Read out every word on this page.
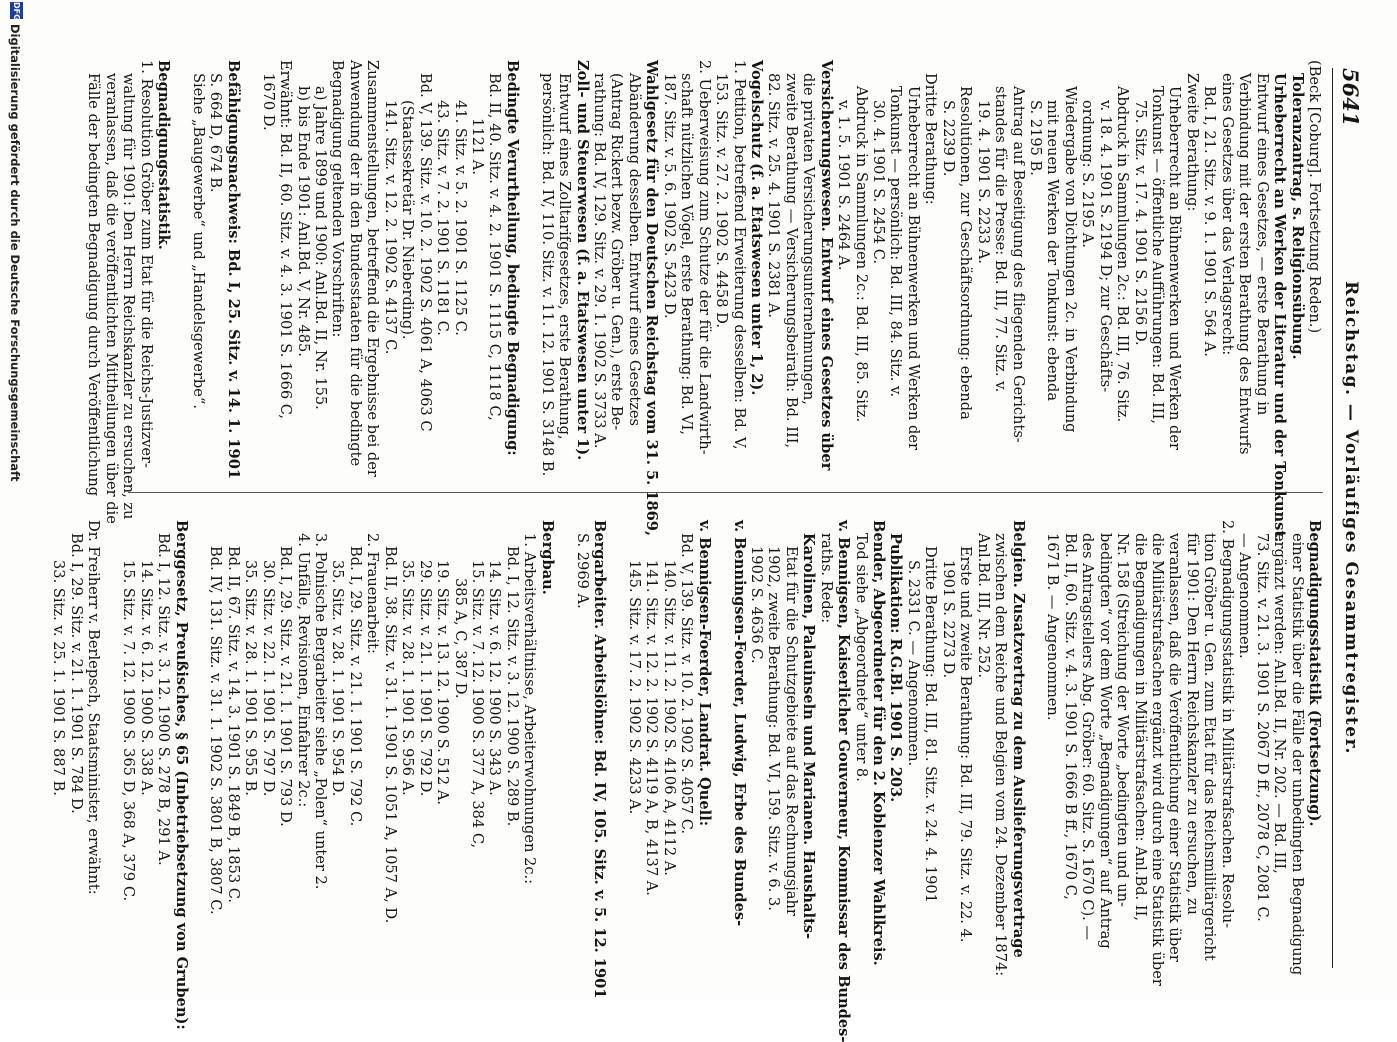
5641
Reichstag. — Vorläufiges Gesammtregister.
(Beck [Coburg]. Fortsetzung Reden.)
Toleranzantrag, s. Religionsübung.
Urheberrecht an Werken der Literatur und der Tonkunst.
Entwurf eines Gesetzes, — erste Berathung in
Verbindung mit der ersten Berathung des Entwurfs
eines Gesetzes über das Verlagsrecht:
Bd. I, 21. Sitz. v. 9. 1. 1901 S. 564 A.
Zweite Berathung:
Urheberrecht an Bühnenwerken und Werken der
Tonkunst — öffentliche Aufführungen: Bd. III,
75. Sitz. v. 17. 4. 1901 S. 2156 D.
Abdruck in Sammlungen 2c.: Bd. III, 76. Sitz.
v. 18. 4. 1901 S. 2194 D; zur Geschäfts-
ordnung: S. 2195 A.
Wiedergabe von Dichtungen 2c. in Verbindung
mit neuen Werken der Tonkunst: ebenda
S. 2195 B.
Antrag auf Beseitigung des fliegenden Gerichts-
standes für die Presse: Bd. III, 77. Sitz. v.
19. 4. 1901 S. 2233 A.
Resolutionen, zur Geschäftsordnung: ebenda
S. 2239 D.
Dritte Berathung:
Urheberrecht an Bühnenwerken und Werken der
Tonkunst — persönlich: Bd. III, 84. Sitz. v.
30. 4. 1901 S. 2454 C.
Abdruck in Sammlungen 2c.: Bd. III, 85. Sitz.
v. 1. 5. 1901 S. 2464 A.
Versicherungswesen. Entwurf eines Gesetzes über
die privaten Versicherungsunternehmungen,
zweite Berathung — Versicherungsbeirath: Bd. III,
82. Sitz. v. 25. 4. 1901 S. 2381 A.
Vogelschutz (f. a. Etatswesen unter 1, 2).
1. Petition, betreffend Erweiterung desselben: Bd. V,
153. Sitz. v. 27. 2. 1902 S. 4458 D.
2. Ueberweisung zum Schutze der für die Landwirth-
schaft nützlichen Vögel, erste Berathung: Bd. VI,
187. Sitz. v. 5. 6. 1902 S. 5423 D.
Wahlgesetz für den Deutschen Reichstag vom 31. 5. 1869,
Abänderung desselben. Entwurf eines Gesetzes
(Antrag Rickert bezw. Gröber u. Gen.), erste Be-
rathung: Bd. IV, 129. Sitz. v. 29. 1. 1902 S. 3733 A.
Zoll- und Steuerwesen (f. a. Etatswesen unter 1).
Entwurf eines Zolltarifgesetzes, erste Berathung,
persönlich: Bd. IV, 110. Sitz. v. 11. 12. 1901 S. 3148 B.
Bedingte Verurtheilung, bedingte Begnadigung:
Bd. II, 40. Sitz. v. 4. 2. 1901 S. 1115 C, 1118 C,
1121 A.
41. Sitz. v. 5. 2. 1901 S. 1125 C.
43. Sitz. v. 7. 2. 1901 S. 1181 C.
Bd. V, 139. Sitz. v. 10. 2. 1902 S. 4061 A, 4063 C
(Staatssekretär Dr. Nieberding).
141. Sitz. v. 12. 2. 1902 S. 4137 C.
Zusammenstellungen, betreffend die Ergebnisse bei der
Anwendung der in den Bundesstaaten für die bedingte
Begnadigung geltenden Vorschriften:
a) Jahre 1899 und 1900: Anl.Bd. II, Nr. 155.
b) bis Ende 1901: Anl.Bd. V, Nr. 485.
Erwähnt: Bd. II, 60. Sitz. v. 4. 3. 1901 S. 1666 C,
1670 D.
Befähigungsnachweis: Bd. I, 25. Sitz. v. 14. 1. 1901
S. 664 D, 674 B.
Siehe „Baugewerbe“ und „Handelsgewerbe“.
Begnadigungsstatistik.
1. Resolution Gröber zum Etat für die Reichs-Justizver-
waltung für 1901: Den Herrn Reichskanzler zu ersuchen, zu
veranlassen, daß die veröffentlichten Mittheilungen über die
Fälle der bedingten Begnadigung durch Veröffentlichung
Begnadigungsstatistik (Fortsetzung).
einer Statistik über die Fälle der unbedingten Begnadigung
ergänzt werden: Anl.Bd. II, Nr. 202. — Bd. III,
73. Sitz. v. 21. 3. 1901 S. 2067 D ff., 2078 C, 2081 C.
— Angenommen.
2. Begnadigungsstatistik in Militärstrafsachen. Resolu-
tion Gröber u. Gen. zum Etat für das Reichsmilitärgericht
für 1901: Den Herrn Reichskanzler zu ersuchen, zu
veranlassen, daß die Veröffentlichung einer Statistik über
die Militärstrafsachen ergänzt wird durch eine Statistik über
die Begnadigungen in Militärstrafsachen: Anl.Bd. II,
Nr. 158 (Streichung der Worte „bedingten und un-
bedingten“ vor dem Worte „Begnadigungen“ auf Antrag
des Antragstellers Abg. Gröber: 60. Sitz. S. 1670 C). —
Bd. II, 60. Sitz. v. 4. 3. 1901 S. 1666 B ff., 1670 C,
1671 B. — Angenommen.
Belgien. Zusatzvertrag zu dem Auslieferungsvertrage
zwischen dem Reiche und Belgien vom 24. Dezember 1874:
Anl.Bd. III, Nr. 252.
Erste und zweite Berathung: Bd. III, 79. Sitz. v. 22. 4.
1901 S. 2273 D.
Dritte Berathung: Bd. III, 81. Sitz. v. 24. 4. 1901
S. 2331 C. — Angenommen.
Publikation: R.G.Bl. 1901 S. 203.
Bender, Abgeordneter für den 2. Koblenzer Wahlkreis.
Tod siehe „Abgeordnete“ unter 8.
v. Bennigsen, Kaiserlicher Gouverneur, Kommissar des Bundes-
raths. Rede:
Karolinen, Palauinseln und Marianen. Haushalts-
Etat für die Schutzgebiete auf das Rechnungsjahr
1902, zweite Berathung: Bd. VI, 159. Sitz. v. 6. 3.
1902 S. 4636 C.
v. Benningsen-Foerder, Ludwig, Erbe des Bundes-
v. Bennigsen-Foerder, Landrat. Quell:
Bd. V, 139. Sitz. v. 10. 2. 1902 S. 4057 C.
140. Sitz. v. 11. 2. 1902 S. 4106 A, 4112 A.
141. Sitz. v. 12. 2. 1902 S. 4119 A, B, 4137 A.
145. Sitz. v. 17. 2. 1902 S. 4233 A.
Bergarbeiter. Arbeitslöhne: Bd. IV, 105. Sitz. v. 5. 12. 1901
S. 2969 A.
Bergbau.
1. Arbeitsverhältnisse, Arbeiterwohnungen 2c.:
Bd. I, 12. Sitz. v. 3. 12. 1900 S. 289 B.
14. Sitz. v. 6. 12. 1900 S. 343 A.
15. Sitz. v. 7. 12. 1900 S. 377 A, 384 C,
385 A, C, 387 D.
19. Sitz. v. 13. 12. 1900 S. 512 A.
29. Sitz. v. 21. 1. 1901 S. 792 D.
35. Sitz. v. 28. 1. 1901 S. 956 A.
Bd. II, 38. Sitz. v. 31. 1. 1901 S. 1051 A, 1057 A, D.
2. Frauenarbeit:
Bd. I, 29. Sitz. v. 21. 1. 1901 S. 792 C.
35. Sitz. v. 28. 1. 1901 S. 954 D.
3. Polnische Bergarbeiter siehe „Polen“ unter 2.
4. Unfälle, Revisionen, Einfahrer 2c.:
Bd. I, 29. Sitz. v. 21. 1. 1901 S. 793 D.
30. Sitz. v. 22. 1. 1901 S. 797 D.
35. Sitz. v. 28. 1. 1901 S. 955 B.
Bd. II, 67. Sitz. v. 14. 3. 1901 S. 1849 B, 1853 C.
Bd. IV, 131. Sitz. v. 31. 1. 1902 S. 3801 B, 3807 C.
Berggesetz, Preußisches, § 65 (Inbetriebsetzung von Gruben):
Bd. I, 12. Sitz. v. 3. 12. 1900 S. 278 B, 291 A.
14. Sitz. v. 6. 12. 1900 S. 338 A.
15. Sitz. v. 7. 12. 1900 S. 365 D, 368 A, 379 C.
Dr. Freiherr v. Berlepsch, Staatsminister, erwähnt:
Bd. I, 29. Sitz. v. 21. 1. 1901 S. 784 D.
33. Sitz. v. 25. 1. 1901 S. 887 B.
DFG
Digitalisierung gefördert durch die Deutsche Forschungsgemeinschaft
